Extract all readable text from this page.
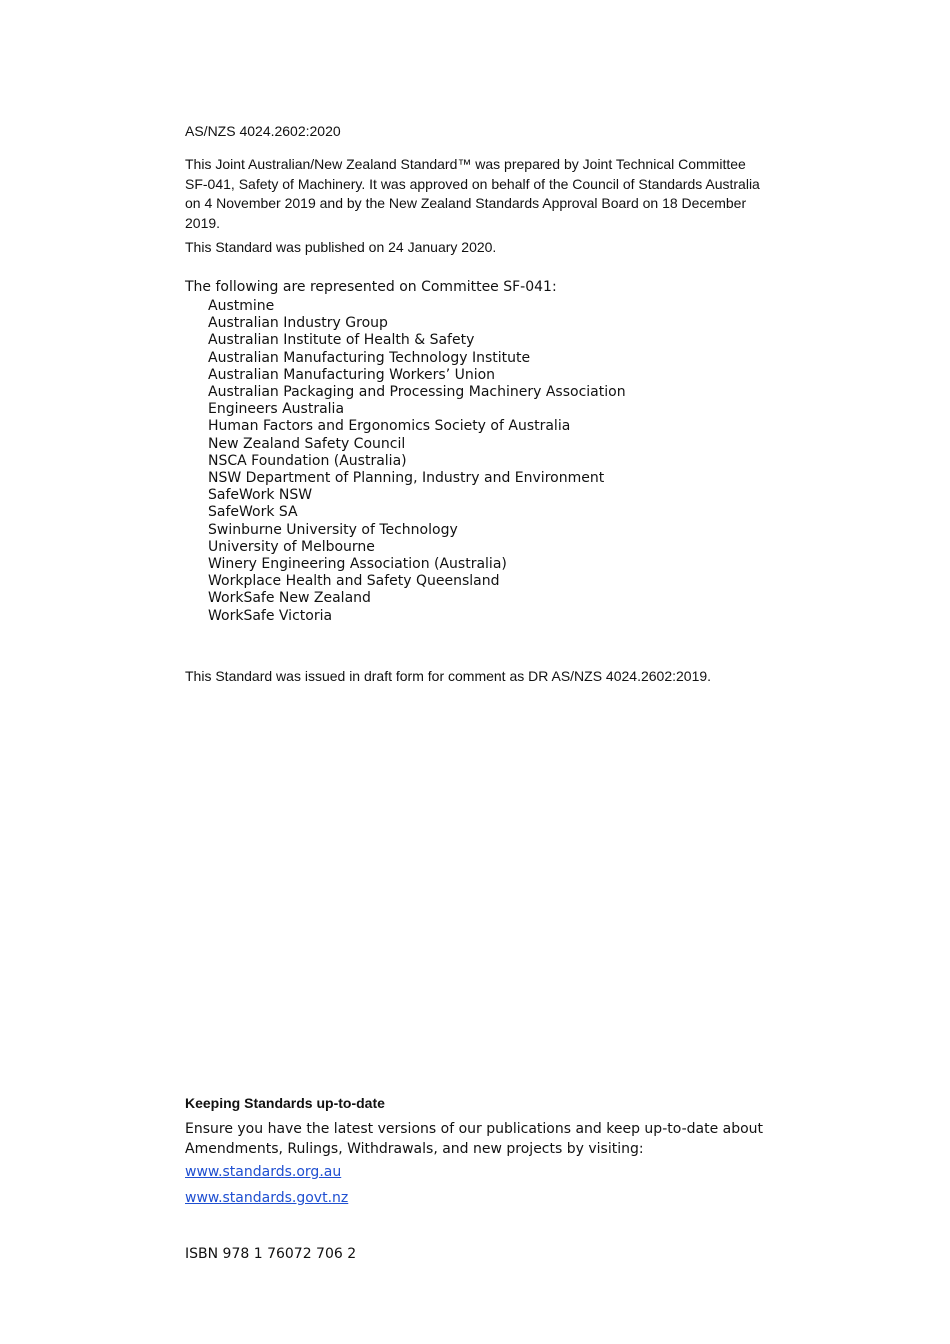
AS/NZS 4024.2602:2020

This Joint Australian/New Zealand Standard™ was prepared by Joint Technical Committee SF-041, Safety of Machinery. It was approved on behalf of the Council of Standards Australia on 4 November 2019 and by the New Zealand Standards Approval Board on 18 December 2019.

This Standard was published on 24 January 2020.

The following are represented on Committee SF-041:

Austmine
Australian Industry Group
Australian Institute of Health & Safety
Australian Manufacturing Technology Institute
Australian Manufacturing Workers’ Union
Australian Packaging and Processing Machinery Association
Engineers Australia
Human Factors and Ergonomics Society of Australia
New Zealand Safety Council
NSCA Foundation (Australia)
NSW Department of Planning, Industry and Environment
SafeWork NSW
SafeWork SA
Swinburne University of Technology
University of Melbourne
Winery Engineering Association (Australia)
Workplace Health and Safety Queensland
WorkSafe New Zealand
WorkSafe Victoria

This Standard was issued in draft form for comment as DR AS/NZS 4024.2602:2019.

Keeping Standards up-to-date

Ensure you have the latest versions of our publications and keep up-to-date about Amendments, Rulings, Withdrawals, and new projects by visiting:

www.standards.org.au
www.standards.govt.nz

ISBN 978 1 76072 706 2
